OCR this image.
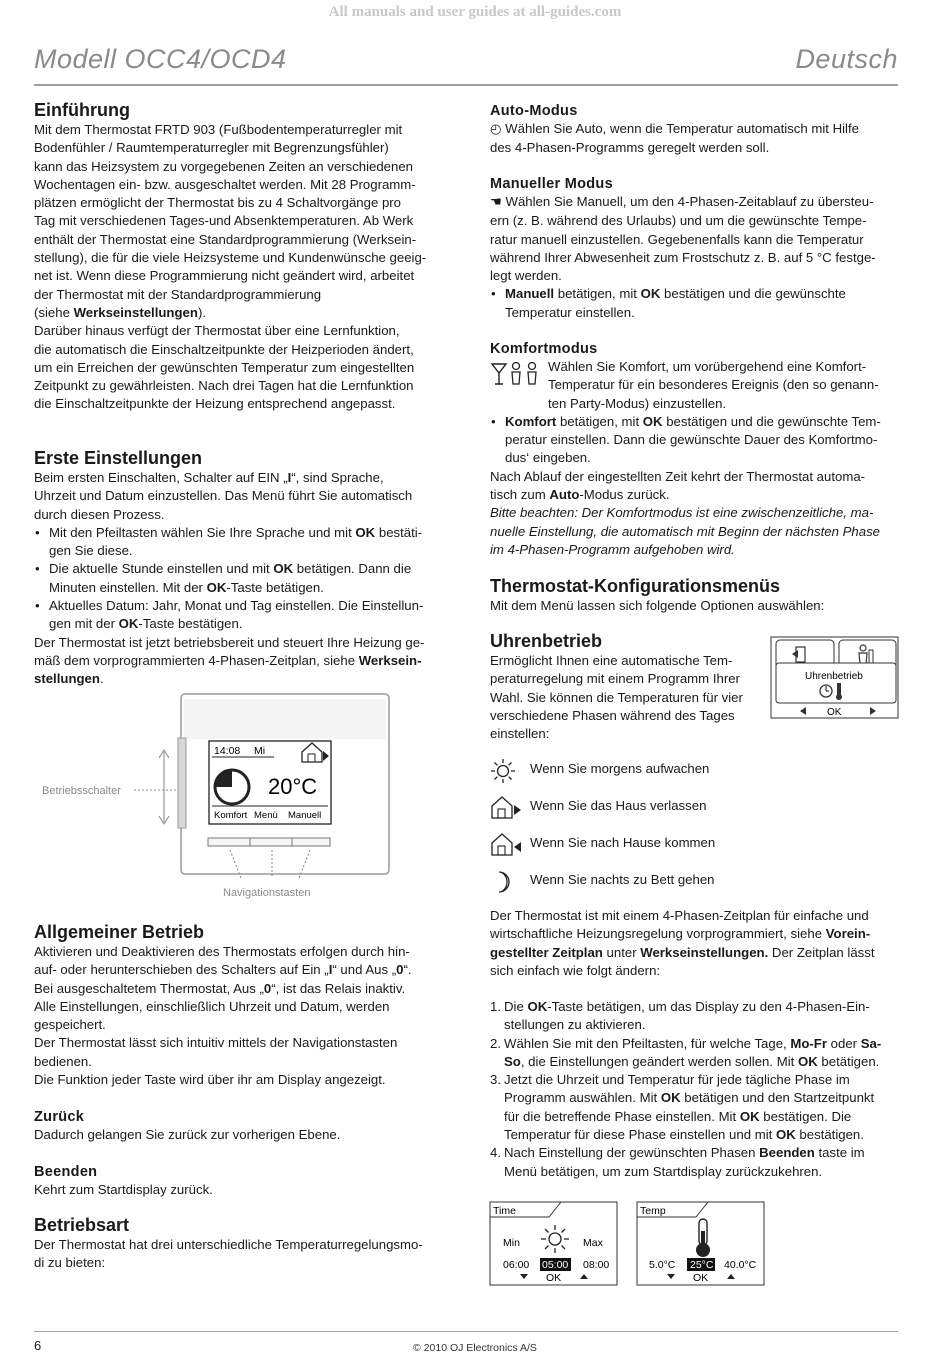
All manuals and user guides at all-guides.com
Modell OCC4/OCD4	Deutsch
Einführung

Mit dem Thermostat FRTD 903 (Fußbodentemperaturregler mit

Bodenfühler / Raumtemperaturregler mit Begrenzungsfühler)

kann das Heizsystem zu vorgegebenen Zeiten an verschiedenen

Wochentagen ein- bzw. ausgeschaltet werden. Mit 28 Programm-

plätzen ermöglicht der Thermostat bis zu 4 Schaltvorgänge pro

Tag mit verschiedenen Tages-und Absenktemperaturen. Ab Werk

enthält der Thermostat eine Standardprogrammierung (Werksein-

stellung), die für die viele Heizsysteme und Kundenwünsche geeig-

net ist. Wenn diese Programmierung nicht geändert wird, arbeitet

der Thermostat mit der Standardprogrammierung

(siehe Werkseinstellungen).

Darüber hinaus verfügt der Thermostat über eine Lernfunktion,

die automatisch die Einschaltzeitpunkte der Heizperioden ändert,

um ein Erreichen der gewünschten Temperatur zum eingestellten

Zeitpunkt zu gewährleisten. Nach drei Tagen hat die Lernfunktion

die Einschaltzeitpunkte der Heizung entsprechend angepasst.

Erste Einstellungen

Beim ersten Einschalten, Schalter auf EIN „I“, sind Sprache,

Uhrzeit und Datum einzustellen. Das Menü führt Sie automatisch

durch diesen Prozess.

• Mit den Pfeiltasten wählen Sie Ihre Sprache und mit OK bestäti-

gen Sie diese.

• Die aktuelle Stunde einstellen und mit OK betätigen. Dann die

Minuten einstellen. Mit der OK-Taste betätigen.

• Aktuelles Datum: Jahr, Monat und Tag einstellen. Die Einstellun-

gen mit der OK-Taste bestätigen.

Der Thermostat ist jetzt betriebsbereit und steuert Ihre Heizung ge-

mäß dem vorprogrammierten 4-Phasen-Zeitplan, siehe Werksein-

stellungen.

14:08 Mi
20°C
Komfort Menü Manuell
Betriebsschalter
Navigationstasten
Allgemeiner Betrieb

Aktivieren und Deaktivieren des Thermostats erfolgen durch hin-

auf- oder herunterschieben des Schalters auf Ein „I“ und Aus „0“.

Bei ausgeschaltetem Thermostat, Aus „0“, ist das Relais inaktiv.

Alle Einstellungen, einschließlich Uhrzeit und Datum, werden

gespeichert.

Der Thermostat lässt sich intuitiv mittels der Navigationstasten

bedienen.

Die Funktion jeder Taste wird über ihr am Display angezeigt.

Zurück

Dadurch gelangen Sie zurück zur vorherigen Ebene.

Beenden

Kehrt zum Startdisplay zurück.

Betriebsart

Der Thermostat hat drei unterschiedliche Temperaturregelungsmo-

di zu bieten:

Auto-Modus

◴ Wählen Sie Auto, wenn die Temperatur automatisch mit Hilfe

des 4-Phasen-Programms geregelt werden soll.

Manueller Modus

☚ Wählen Sie Manuell, um den 4-Phasen-Zeitablauf zu übersteu-

ern (z. B. während des Urlaubs) und um die gewünschte Tempe-

ratur manuell einzustellen. Gegebenenfalls kann die Temperatur

während Ihrer Abwesenheit zum Frostschutz z. B. auf 5 °C festge-

legt werden.

• Manuell betätigen, mit OK bestätigen und die gewünschte

Temperatur einstellen.

Komfortmodus

Wählen Sie Komfort, um vorübergehend eine Komfort-

Temperatur für ein besonderes Ereignis (den so genann-

ten Party-Modus) einzustellen.

• Komfort betätigen, mit OK bestätigen und die gewünschte Tem-

peratur einstellen. Dann die gewünschte Dauer des Komfortmo-

dus‘ eingeben.

Nach Ablauf der eingestellten Zeit kehrt der Thermostat automa-

tisch zum Auto-Modus zurück.

Bitte beachten: Der Komfortmodus ist eine zwischenzeitliche, ma-

nuelle Einstellung, die automatisch mit Beginn der nächsten Phase

im 4-Phasen-Programm aufgehoben wird.

Thermostat-Konfigurationsmenüs

Mit dem Menü lassen sich folgende Optionen auswählen:

Uhrenbetrieb

Ermöglicht Ihnen eine automatische Tem-

peraturregelung mit einem Programm Ihrer

Wahl. Sie können die Temperaturen für vier

verschiedene Phasen während des Tages

einstellen:

Uhrenbetrieb
OK

Wenn Sie morgens aufwachen

Wenn Sie das Haus verlassen

Wenn Sie nach Hause kommen

Wenn Sie nachts zu Bett gehen

Der Thermostat ist mit einem 4-Phasen-Zeitplan für einfache und

wirtschaftliche Heizungsregelung vorprogrammiert, siehe Vorein-

gestellter Zeitplan unter Werkseinstellungen. Der Zeitplan lässt

sich einfach wie folgt ändern:

1. Die OK-Taste betätigen, um das Display zu den 4-Phasen-Ein-

stellungen zu aktivieren.

2. Wählen Sie mit den Pfeiltasten, für welche Tage, Mo-Fr oder Sa-

So, die Einstellungen geändert werden sollen. Mit OK betätigen.

3. Jetzt die Uhrzeit und Temperatur für jede tägliche Phase im

Programm auswählen. Mit OK betätigen und den Startzeitpunkt

für die betreffende Phase einstellen. Mit OK bestätigen. Die

Temperatur für diese Phase einstellen und mit OK bestätigen.

4. Nach Einstellung der gewünschten Phasen Beenden taste im

Menü betätigen, um zum Startdisplay zurückzukehren.

Time
Min	Max
06:00 05:00 08:00
OK
Temp
5.0°C 25°C 40.0°C
OK
6	© 2010 OJ Electronics A/S
